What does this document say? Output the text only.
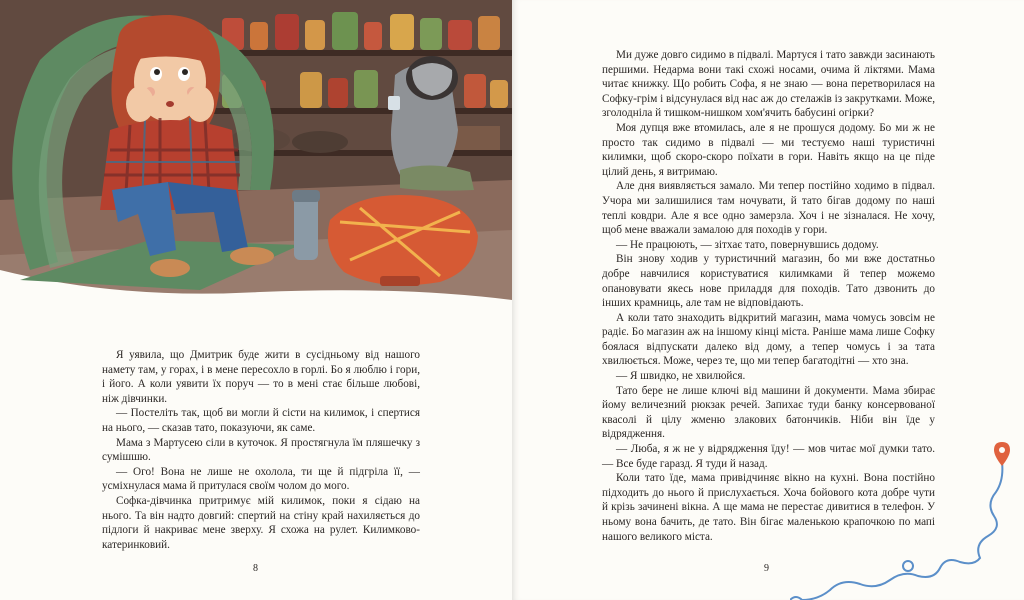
Я уявила, що Дмитрик буде жити в сусідньому від нашого намету там, у горах, і в мене пересохло в горлі. Бо я люблю і гори, і його. А коли уявити їх поруч — то в мені стає більше любові, ніж дівчинки.

— Постеліть так, щоб ви могли й сісти на килимок, і спертися на нього, — сказав тато, показуючи, як саме.

Мама з Мартусею сіли в куточок. Я простягнула їм пляшечку з сумішшю.

— Ого! Вона не лише не охолола, ти ще й підгріла її, — усміхнулася мама й притулася своїм чолом до мого.

Софка-дівчинка притримує мій килимок, поки я сідаю на нього. Та він надто довгий: спертий на стіну край нахиляється до підлоги й накриває мене зверху. Я схожа на рулет. Килимково-катеринковий.

8

Ми дуже довго сидимо в підвалі. Мартуся і тато завжди засинають першими. Недарма вони такі схожі носами, очима й ліктями. Мама читає книжку. Що робить Софа, я не знаю — вона перетворилася на Софку-грім і відсунулася від нас аж до стелажів із закрутками. Може, зголодніла й тишком-нишком хом'ячить бабусині огірки?

Моя дупця вже втомилась, але я не прошуся додому. Бо ми ж не просто так сидимо в підвалі — ми тестуємо наші туристичні килимки, щоб скоро-скоро поїхати в гори. Навіть якщо на це піде цілий день, я витримаю.

Але дня виявляється замало. Ми тепер постійно ходимо в підвал. Учора ми залишилися там ночувати, й тато бігав додому по наші теплі ковдри. Але я все одно замерзла. Хоч і не зізналася. Не хочу, щоб мене вважали замалою для походів у гори.

— Не працюють, — зітхає тато, повернувшись додому.

Він знову ходив у туристичний магазин, бо ми вже достатньо добре навчилися користуватися килимками й тепер можемо опановувати якесь нове приладдя для походів. Тато дзвонить до інших крамниць, але там не відповідають.

А коли тато знаходить відкритий магазин, мама чомусь зовсім не радіє. Бо магазин аж на іншому кінці міста. Раніше мама лише Софку боялася відпускати далеко від дому, а тепер чомусь і за тата хвилюється. Може, через те, що ми тепер багатодітні — хто зна.

— Я швидко, не хвилюйся.

Тато бере не лише ключі від машини й документи. Мама збирає йому величезний рюкзак речей. Запихає туди банку консервованої квасолі й цілу жменю злакових батончиків. Ніби він їде у відрядження.

— Люба, я ж не у відрядження їду! — мов читає мої думки тато. — Все буде гаразд. Я туди й назад.

Коли тато їде, мама привідчиняє вікно на кухні. Вона постійно підходить до нього й прислухається. Хоча бойового кота добре чути й крізь зачинені вікна. А ще мама не перестає дивитися в телефон. У ньому вона бачить, де тато. Він бігає маленькою крапочкою по мапі нашого великого міста.

9
